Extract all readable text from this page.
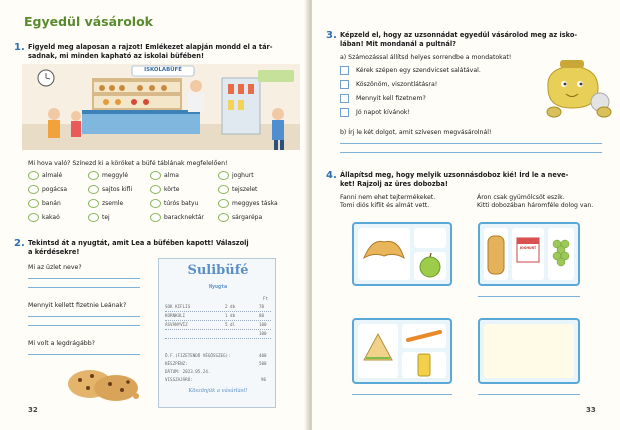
Egyedül vásárolok
1. Figyeld meg alaposan a rajzot! Emlékezet alapján mondd el a tár-
sadnak, mi minden kapható az iskolai büfében!
ISKOLABÜFÉ
Mi hova való? Színezd ki a köröket a büfé táblának megfelelően!
almalé	meggylé	alma	joghurt
pogácsa	sajtos kifli	körte	tejszelet
banán	zsemle	túrós batyu	meggyes táska
kakaó	tej	baracknektár	sárgarépa
2. Tekintsd át a nyugtát, amit Lea a büfében kapott! Válaszolj
a kérdésekre!
Mi az üzlet neve?
Mennyit kellett fizetnie Leának?
Mi volt a legdrágább?
Sulibüfé
Nyugta
Ft
SOK KIFLIS	2 db	70
KORNKULI	1 db	80
ÁSVÁNYVÍZ	5 dl	100
100
Ö.F.(FIZETENDŐ VÉGÖSSZEG):	400
KÉSZPÉNZ:	500
DÁTUM: 2023.05.24.
VISSZAJÁRÓ:	96
Köszönjük a vásárlást!
32
3. Képzeld el, hogy az uzsonnádat egyedül vásárolod meg az isko-
lában! Mit mondanál a pultnál?
a) Számozással állítsd helyes sorrendbe a mondatokat!
Kérek szépen egy szendvicset salátával.
Köszönöm, viszontlátásra!
Mennyit kell fizetnem?
Jó napot kívánok!
b) Írj le két dolgot, amit szívesen megvásárolnál!
4. Állapítsd meg, hogy melyik uzsonnásdoboz kié! Írd le a neve-
ket! Rajzolj az üres dobozba!
Fanni nem ehet tejtermékeket.
Tomi diós kiflit és almát vett.
Áron csak gyümölcsöt eszik.
Kitti dobozában háromféle dolog van.
JOGHURT
33
